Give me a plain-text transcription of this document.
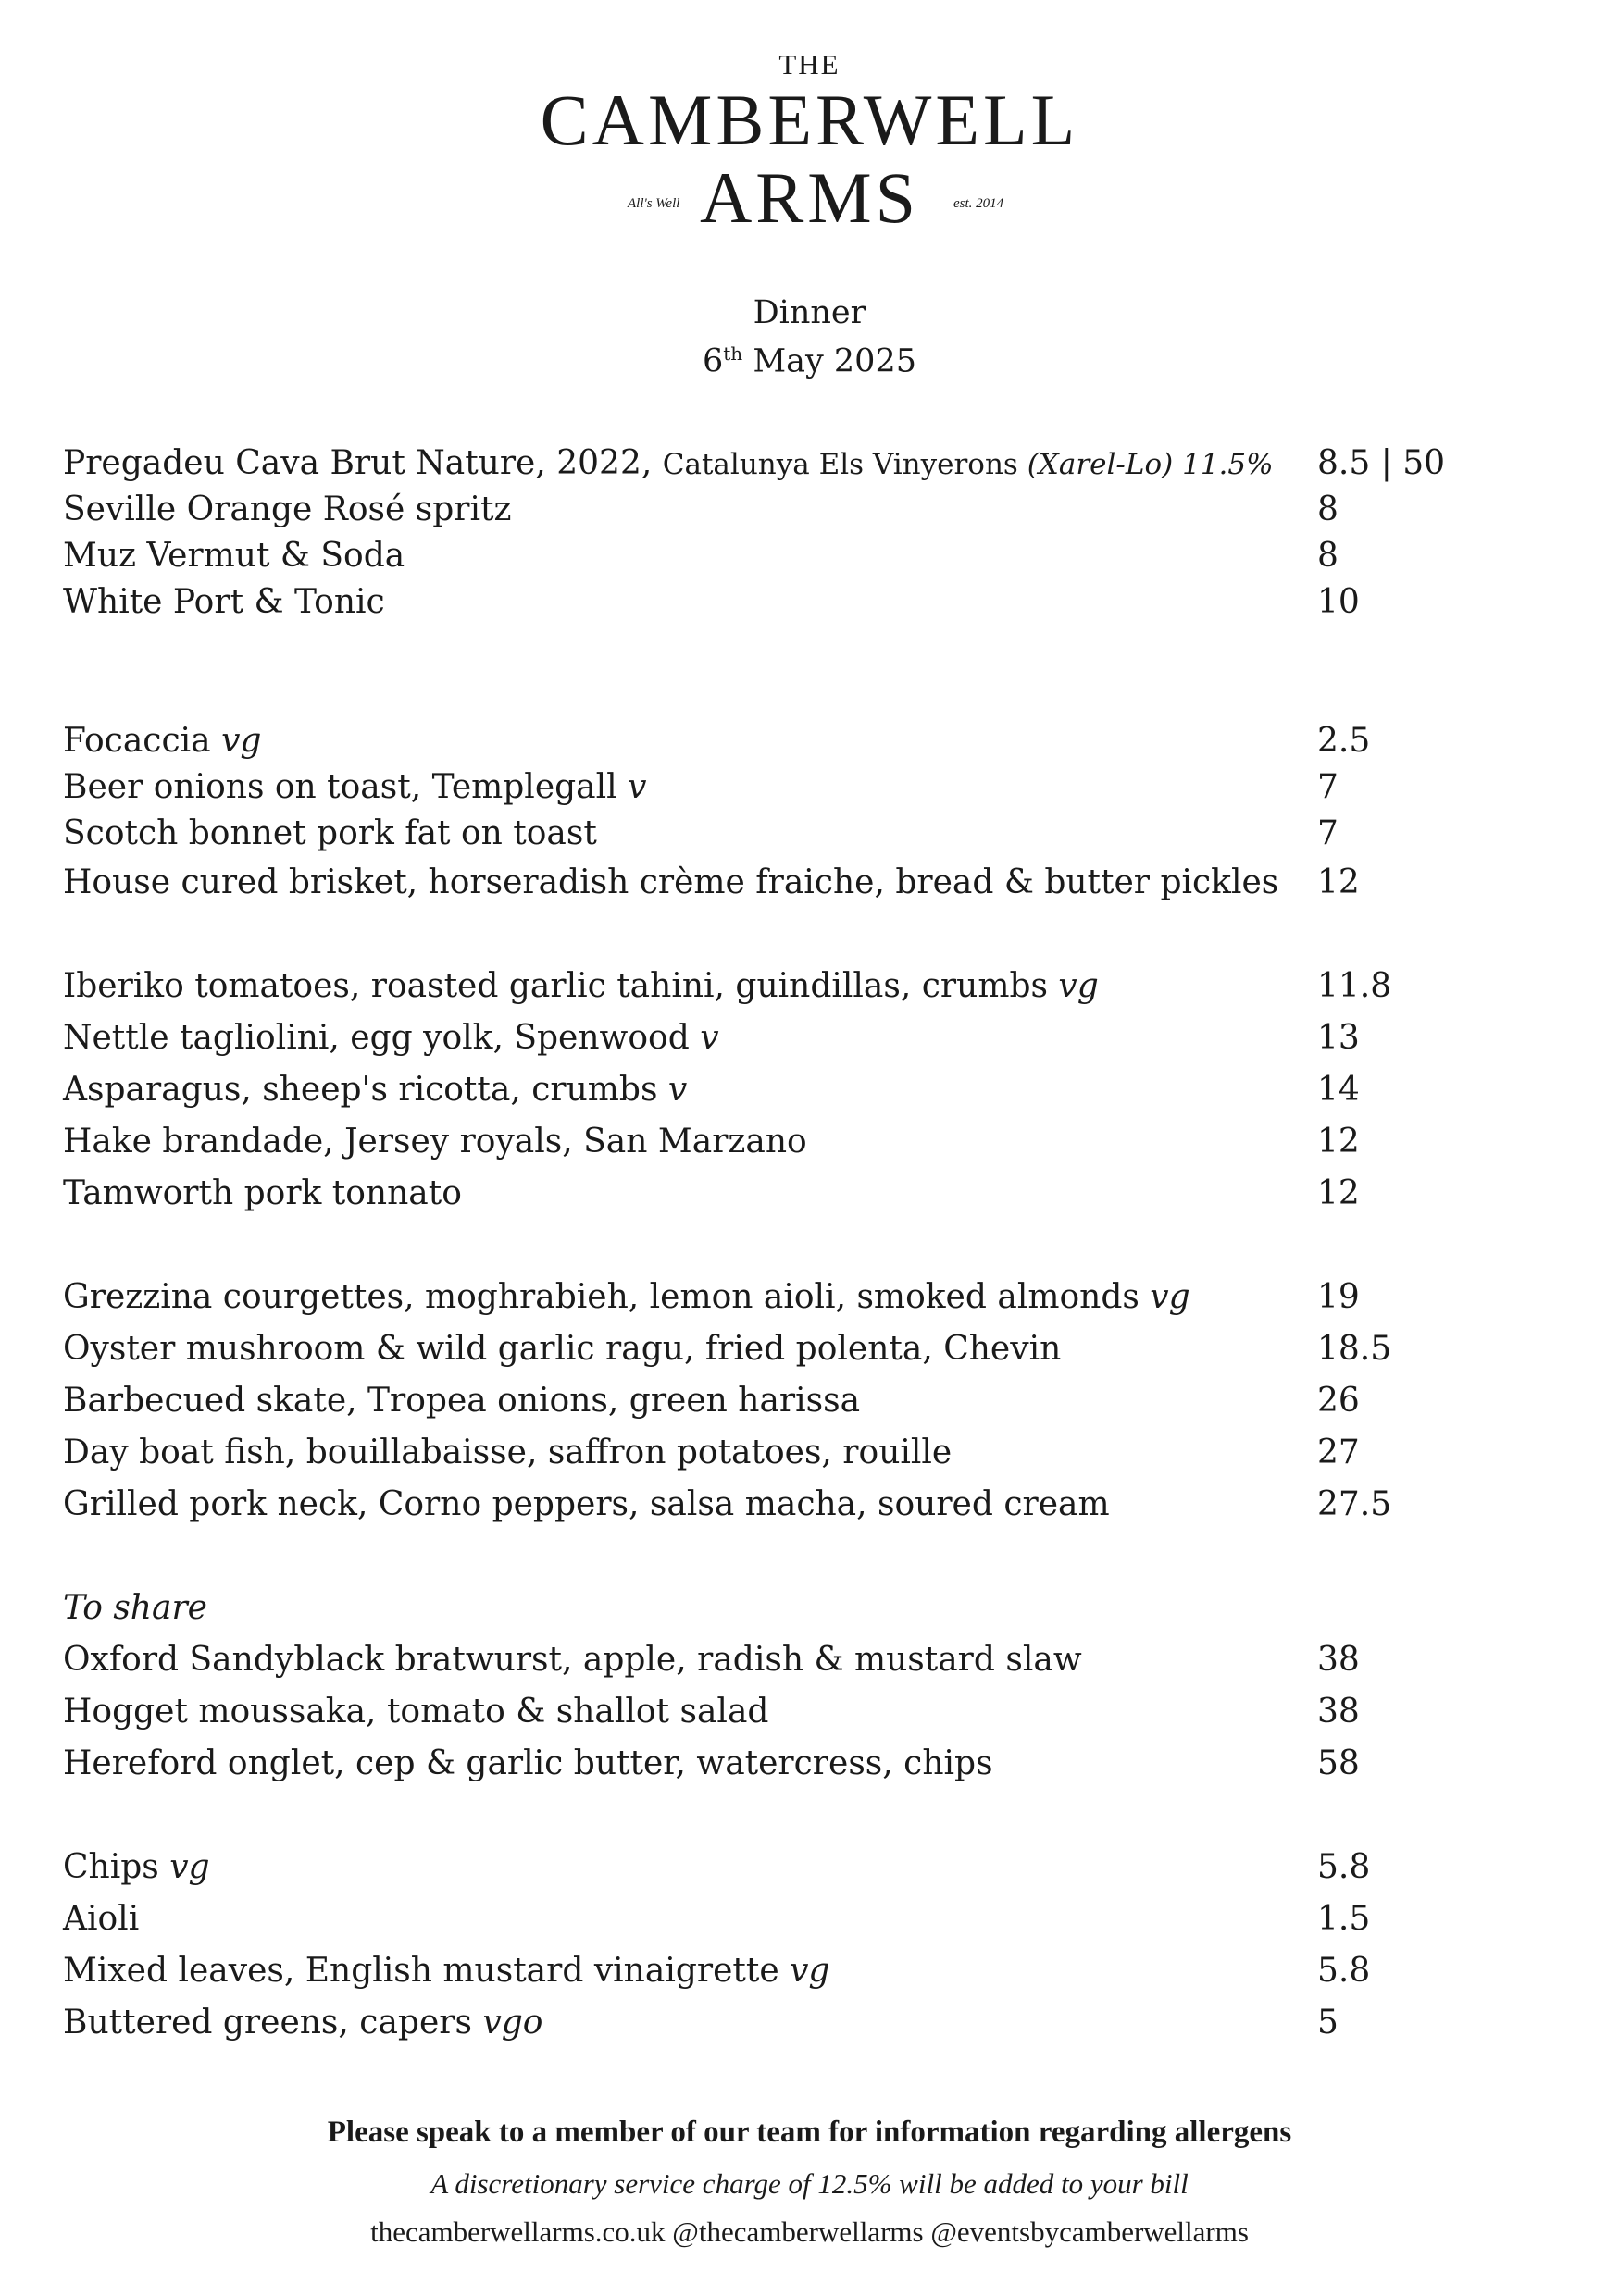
THE
CAMBERWELL
All's Well ARMS est. 2014
Dinner
6th May 2025
Pregadeu Cava Brut Nature, 2022, Catalunya Els Vinyerons (Xarel-Lo) 11.5% 8.5 | 50
Seville Orange Rosé spritz	8
Muz Vermut & Soda	8
White Port & Tonic	10
Focaccia vg	2.5
Beer onions on toast, Templegall v	7
Scotch bonnet pork fat on toast	7
House cured brisket, horseradish crème fraiche, bread & butter pickles 12
Iberiko tomatoes, roasted garlic tahini, guindillas, crumbs vg	11.8
Nettle tagliolini, egg yolk, Spenwood v	13
Asparagus, sheep's ricotta, crumbs v	14
Hake brandade, Jersey royals, San Marzano	12
Tamworth pork tonnato	12
Grezzina courgettes, moghrabieh, lemon aioli, smoked almonds vg	19
Oyster mushroom & wild garlic ragu, fried polenta, Chevin	18.5
Barbecued skate, Tropea onions, green harissa	26
Day boat fish, bouillabaisse, saffron potatoes, rouille	27
Grilled pork neck, Corno peppers, salsa macha, soured cream	27.5
To share
Oxford Sandyblack bratwurst, apple, radish & mustard slaw	38
Hogget moussaka, tomato & shallot salad	38
Hereford onglet, cep & garlic butter, watercress, chips	58
Chips vg	5.8
Aioli	1.5
Mixed leaves, English mustard vinaigrette vg	5.8
Buttered greens, capers vgo	5
Please speak to a member of our team for information regarding allergens
A discretionary service charge of 12.5% will be added to your bill
thecamberwellarms.co.uk @thecamberwellarms @eventsbycamberwellarms
